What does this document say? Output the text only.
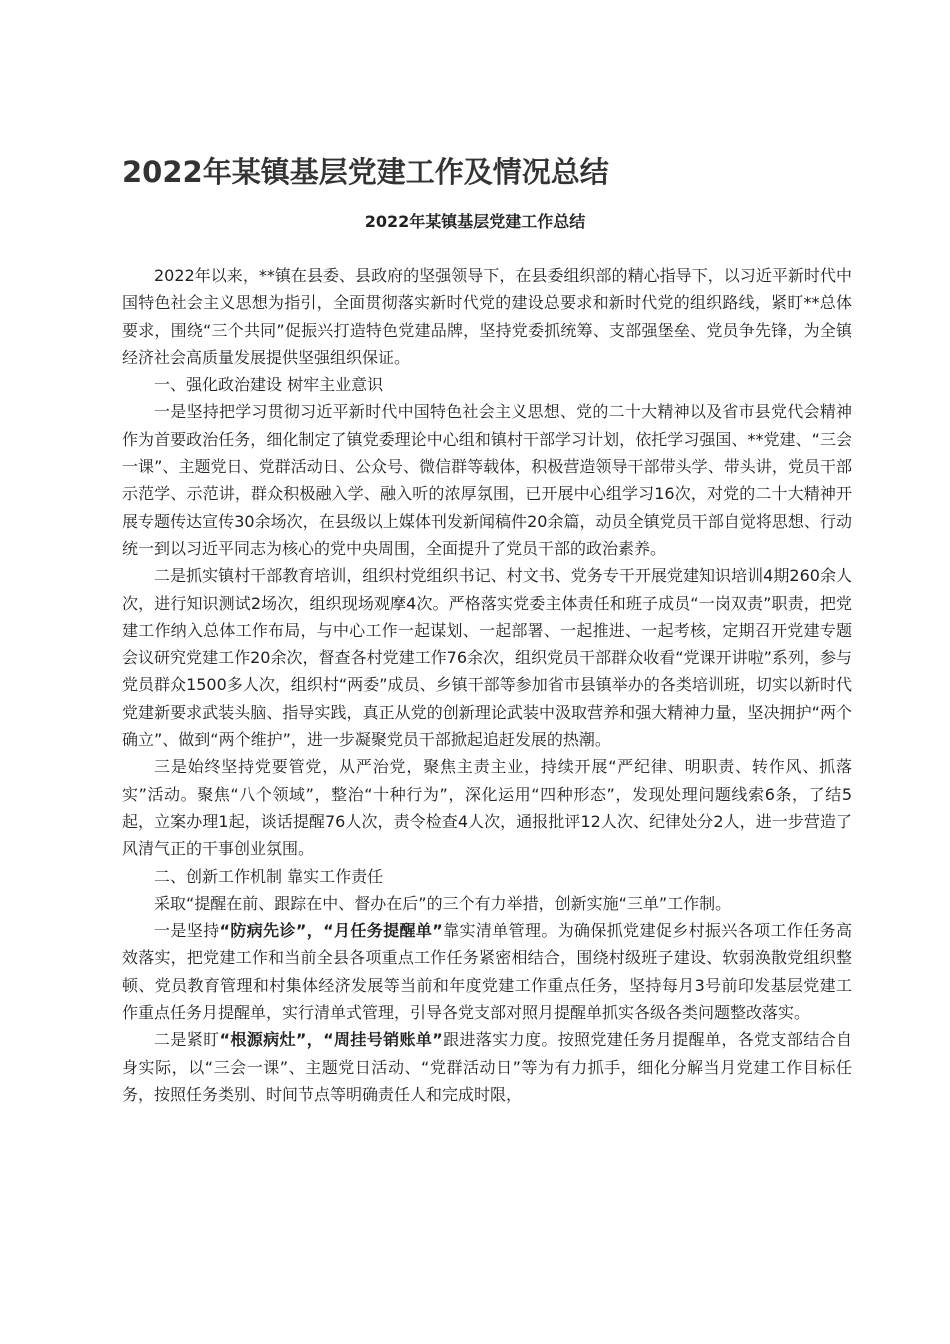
2022年某镇基层党建工作及情况总结
2022年某镇基层党建工作总结

2022年以来，**镇在县委、县政府的坚强领导下，在县委组织部的精心指导下，以习近平新时代中国特色社会主义思想为指引，全面贯彻落实新时代党的建设总要求和新时代党的组织路线，紧盯**总体要求，围绕“三个共同”促振兴打造特色党建品牌，坚持党委抓统筹、支部强堡垒、党员争先锋，为全镇经济社会高质量发展提供坚强组织保证。

一、强化政治建设 树牢主业意识

一是坚持把学习贯彻习近平新时代中国特色社会主义思想、党的二十大精神以及省市县党代会精神作为首要政治任务，细化制定了镇党委理论中心组和镇村干部学习计划，依托学习强国、**党建、“三会一课”、主题党日、党群活动日、公众号、微信群等载体，积极营造领导干部带头学、带头讲，党员干部示范学、示范讲，群众积极融入学、融入听的浓厚氛围，已开展中心组学习16次，对党的二十大精神开展专题传达宣传30余场次，在县级以上媒体刊发新闻稿件20余篇，动员全镇党员干部自觉将思想、行动统一到以习近平同志为核心的党中央周围，全面提升了党员干部的政治素养。

二是抓实镇村干部教育培训，组织村党组织书记、村文书、党务专干开展党建知识培训4期260余人次，进行知识测试2场次，组织现场观摩4次。严格落实党委主体责任和班子成员“一岗双责”职责，把党建工作纳入总体工作布局，与中心工作一起谋划、一起部署、一起推进、一起考核，定期召开党建专题会议研究党建工作20余次，督查各村党建工作76余次，组织党员干部群众收看“党课开讲啦”系列，参与党员群众1500多人次，组织村“两委”成员、乡镇干部等参加省市县镇举办的各类培训班，切实以新时代党建新要求武装头脑、指导实践，真正从党的创新理论武装中汲取营养和强大精神力量，坚决拥护“两个确立”、做到“两个维护”，进一步凝聚党员干部掀起追赶发展的热潮。

三是始终坚持党要管党，从严治党，聚焦主责主业，持续开展“严纪律、明职责、转作风、抓落实”活动。聚焦“八个领域”，整治“十种行为”，深化运用“四种形态”，发现处理问题线索6条，了结5起，立案办理1起，谈话提醒76人次，责令检查4人次，通报批评12人次、纪律处分2人，进一步营造了风清气正的干事创业氛围。

二、创新工作机制 靠实工作责任

采取“提醒在前、跟踪在中、督办在后”的三个有力举措，创新实施“三单”工作制。

一是坚持“防病先诊”，“月任务提醒单”靠实清单管理。为确保抓党建促乡村振兴各项工作任务高效落实，把党建工作和当前全县各项重点工作任务紧密相结合，围绕村级班子建设、软弱涣散党组织整顿、党员教育管理和村集体经济发展等当前和年度党建工作重点任务，坚持每月3号前印发基层党建工作重点任务月提醒单，实行清单式管理，引导各党支部对照月提醒单抓实各级各类问题整改落实。

二是紧盯“根源病灶”，“周挂号销账单”跟进落实力度。按照党建任务月提醒单，各党支部结合自身实际，以“三会一课”、主题党日活动、“党群活动日”等为有力抓手，细化分解当月党建工作目标任务，按照任务类别、时间节点等明确责任人和完成时限，
